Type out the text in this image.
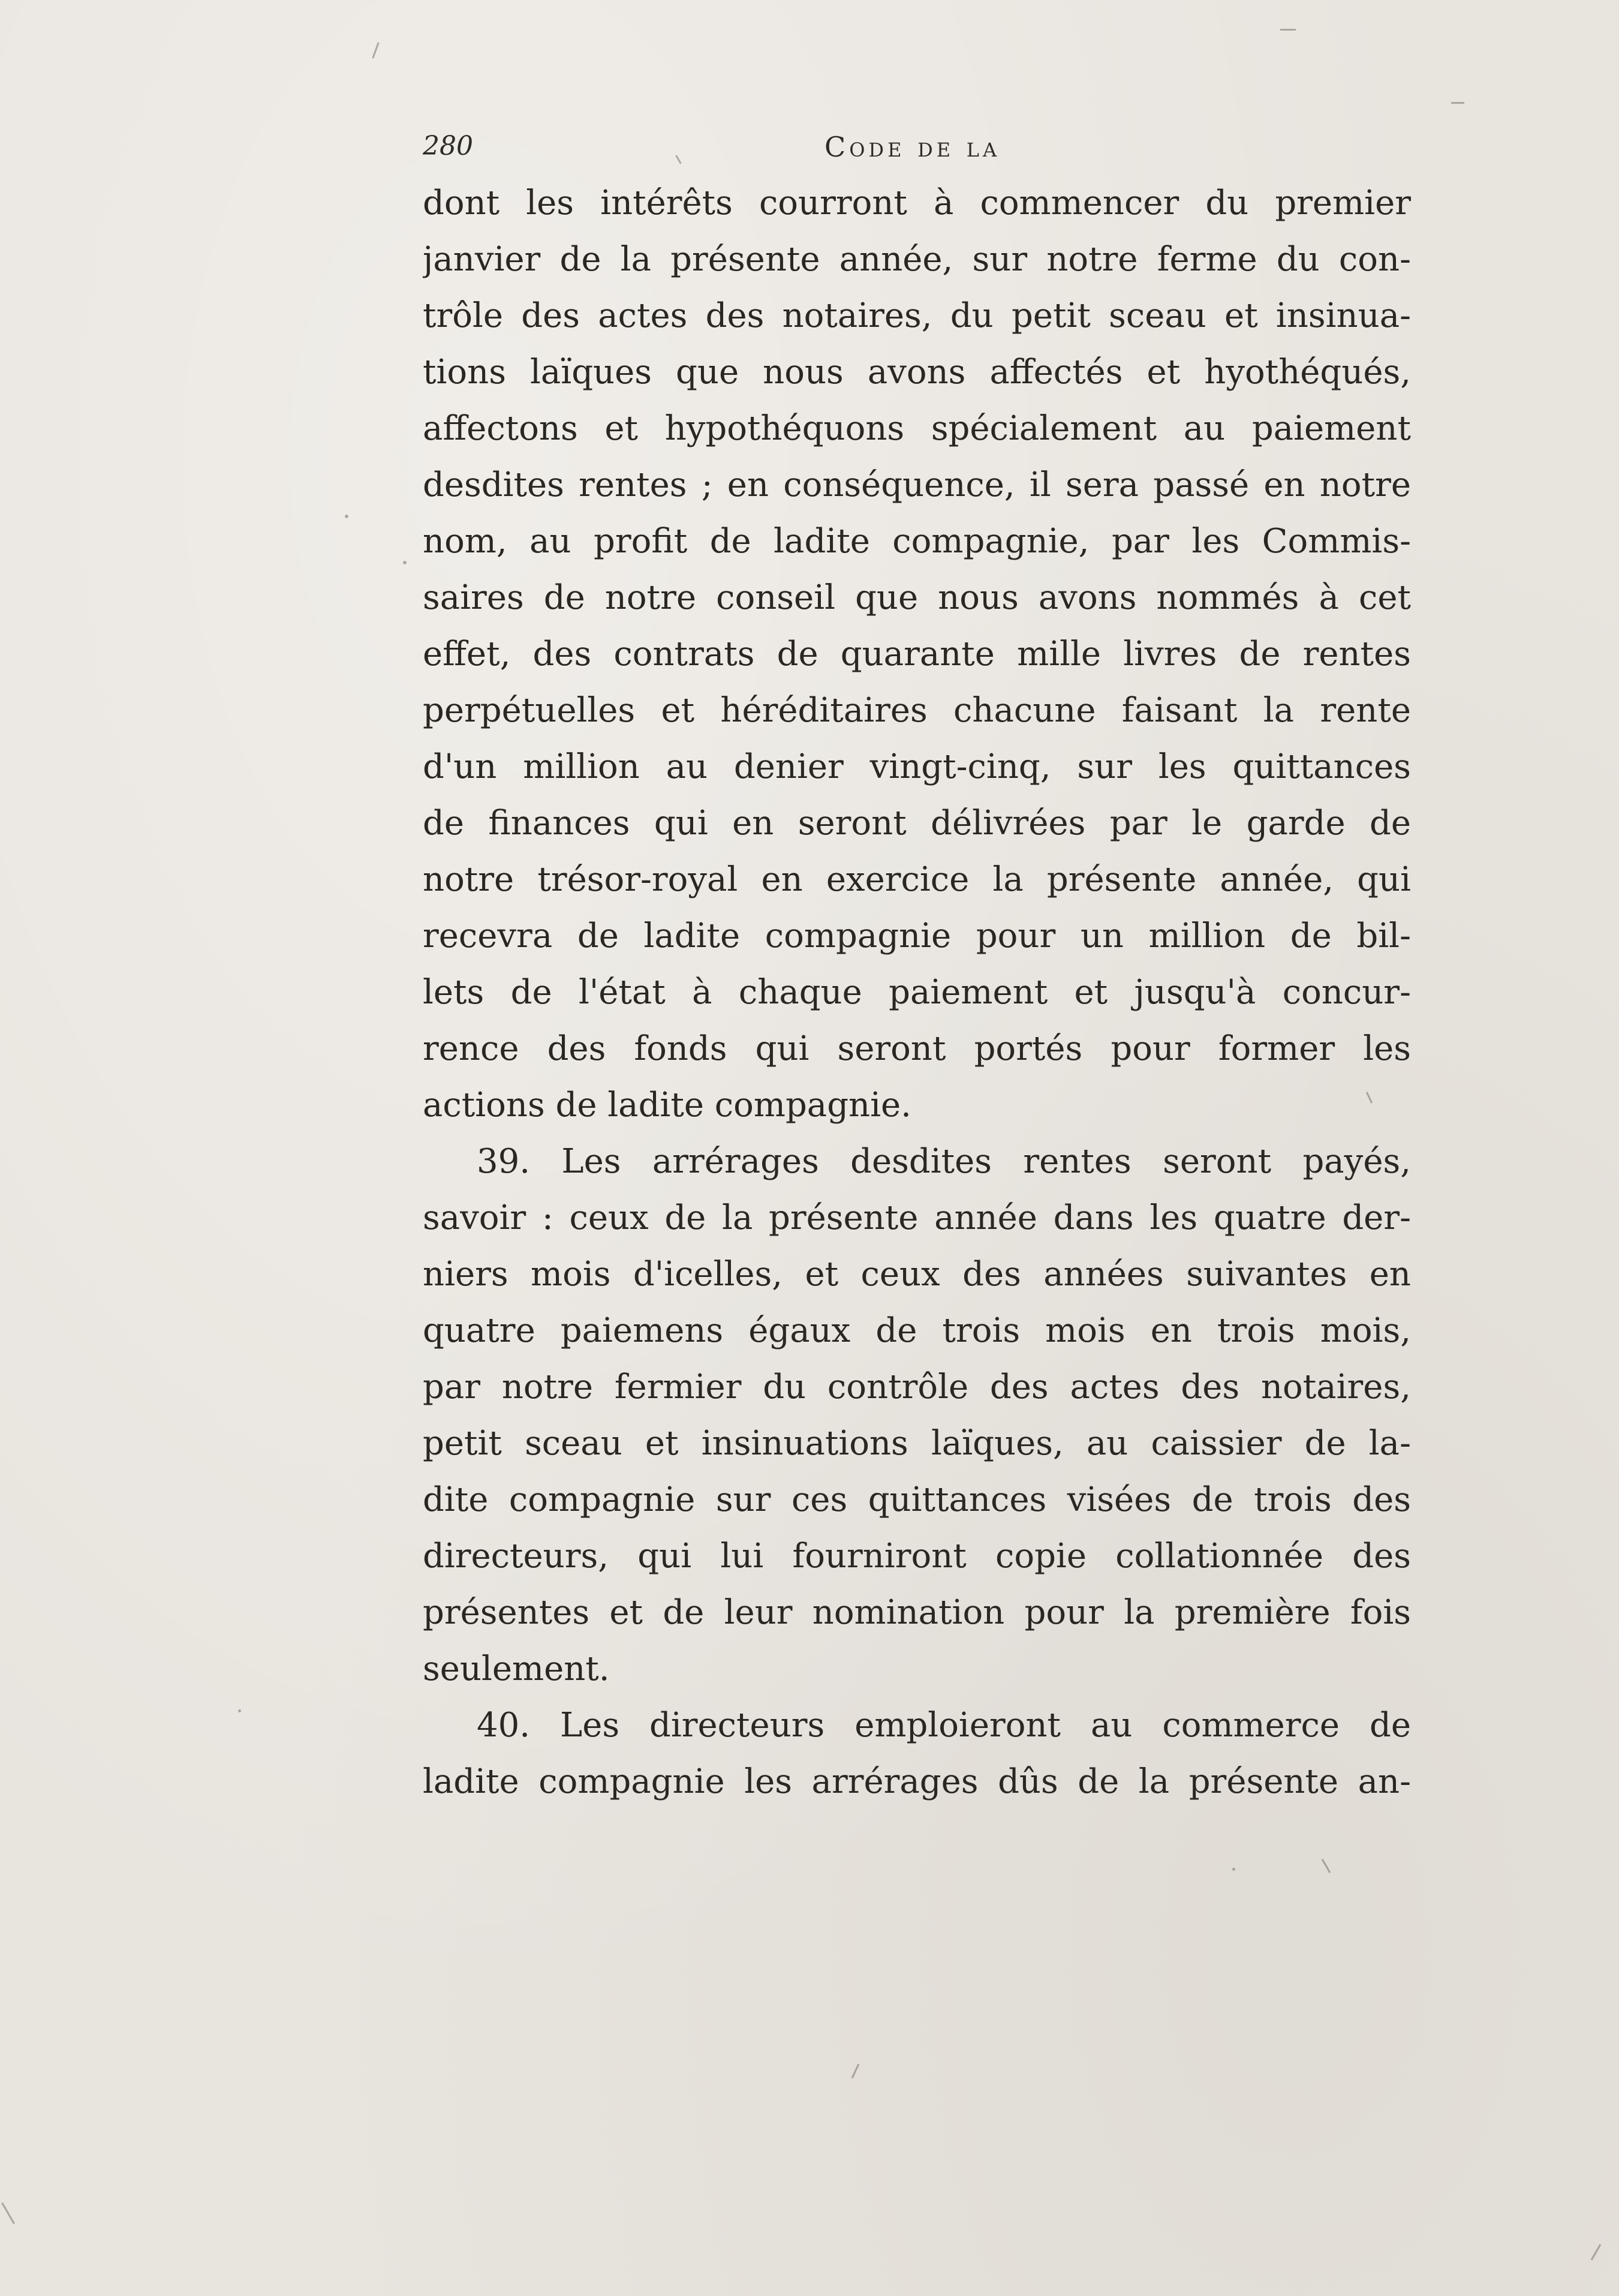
280	Code de la
dont les intérêts courront à commencer du premier
janvier de la présente année, sur notre ferme du con-
trôle des actes des notaires, du petit sceau et insinua-
tions laïques que nous avons affectés et hyothéqués,
affectons et hypothéquons spécialement au paiement
desdites rentes ; en conséquence, il sera passé en notre
nom, au profit de ladite compagnie, par les Commis-
saires de notre conseil que nous avons nommés à cet
effet, des contrats de quarante mille livres de rentes
perpétuelles et héréditaires chacune faisant la rente
d'un million au denier vingt-cinq, sur les quittances
de finances qui en seront délivrées par le garde de
notre trésor-royal en exercice la présente année, qui
recevra de ladite compagnie pour un million de bil-
lets de l'état à chaque paiement et jusqu'à concur-
rence des fonds qui seront portés pour former les
actions de ladite compagnie.
39. Les arrérages desdites rentes seront payés,
savoir : ceux de la présente année dans les quatre der-
niers mois d'icelles, et ceux des années suivantes en
quatre paiemens égaux de trois mois en trois mois,
par notre fermier du contrôle des actes des notaires,
petit sceau et insinuations laïques, au caissier de la-
dite compagnie sur ces quittances visées de trois des
directeurs, qui lui fourniront copie collationnée des
présentes et de leur nomination pour la première fois
seulement.
40. Les directeurs emploieront au commerce de
ladite compagnie les arrérages dûs de la présente an-
